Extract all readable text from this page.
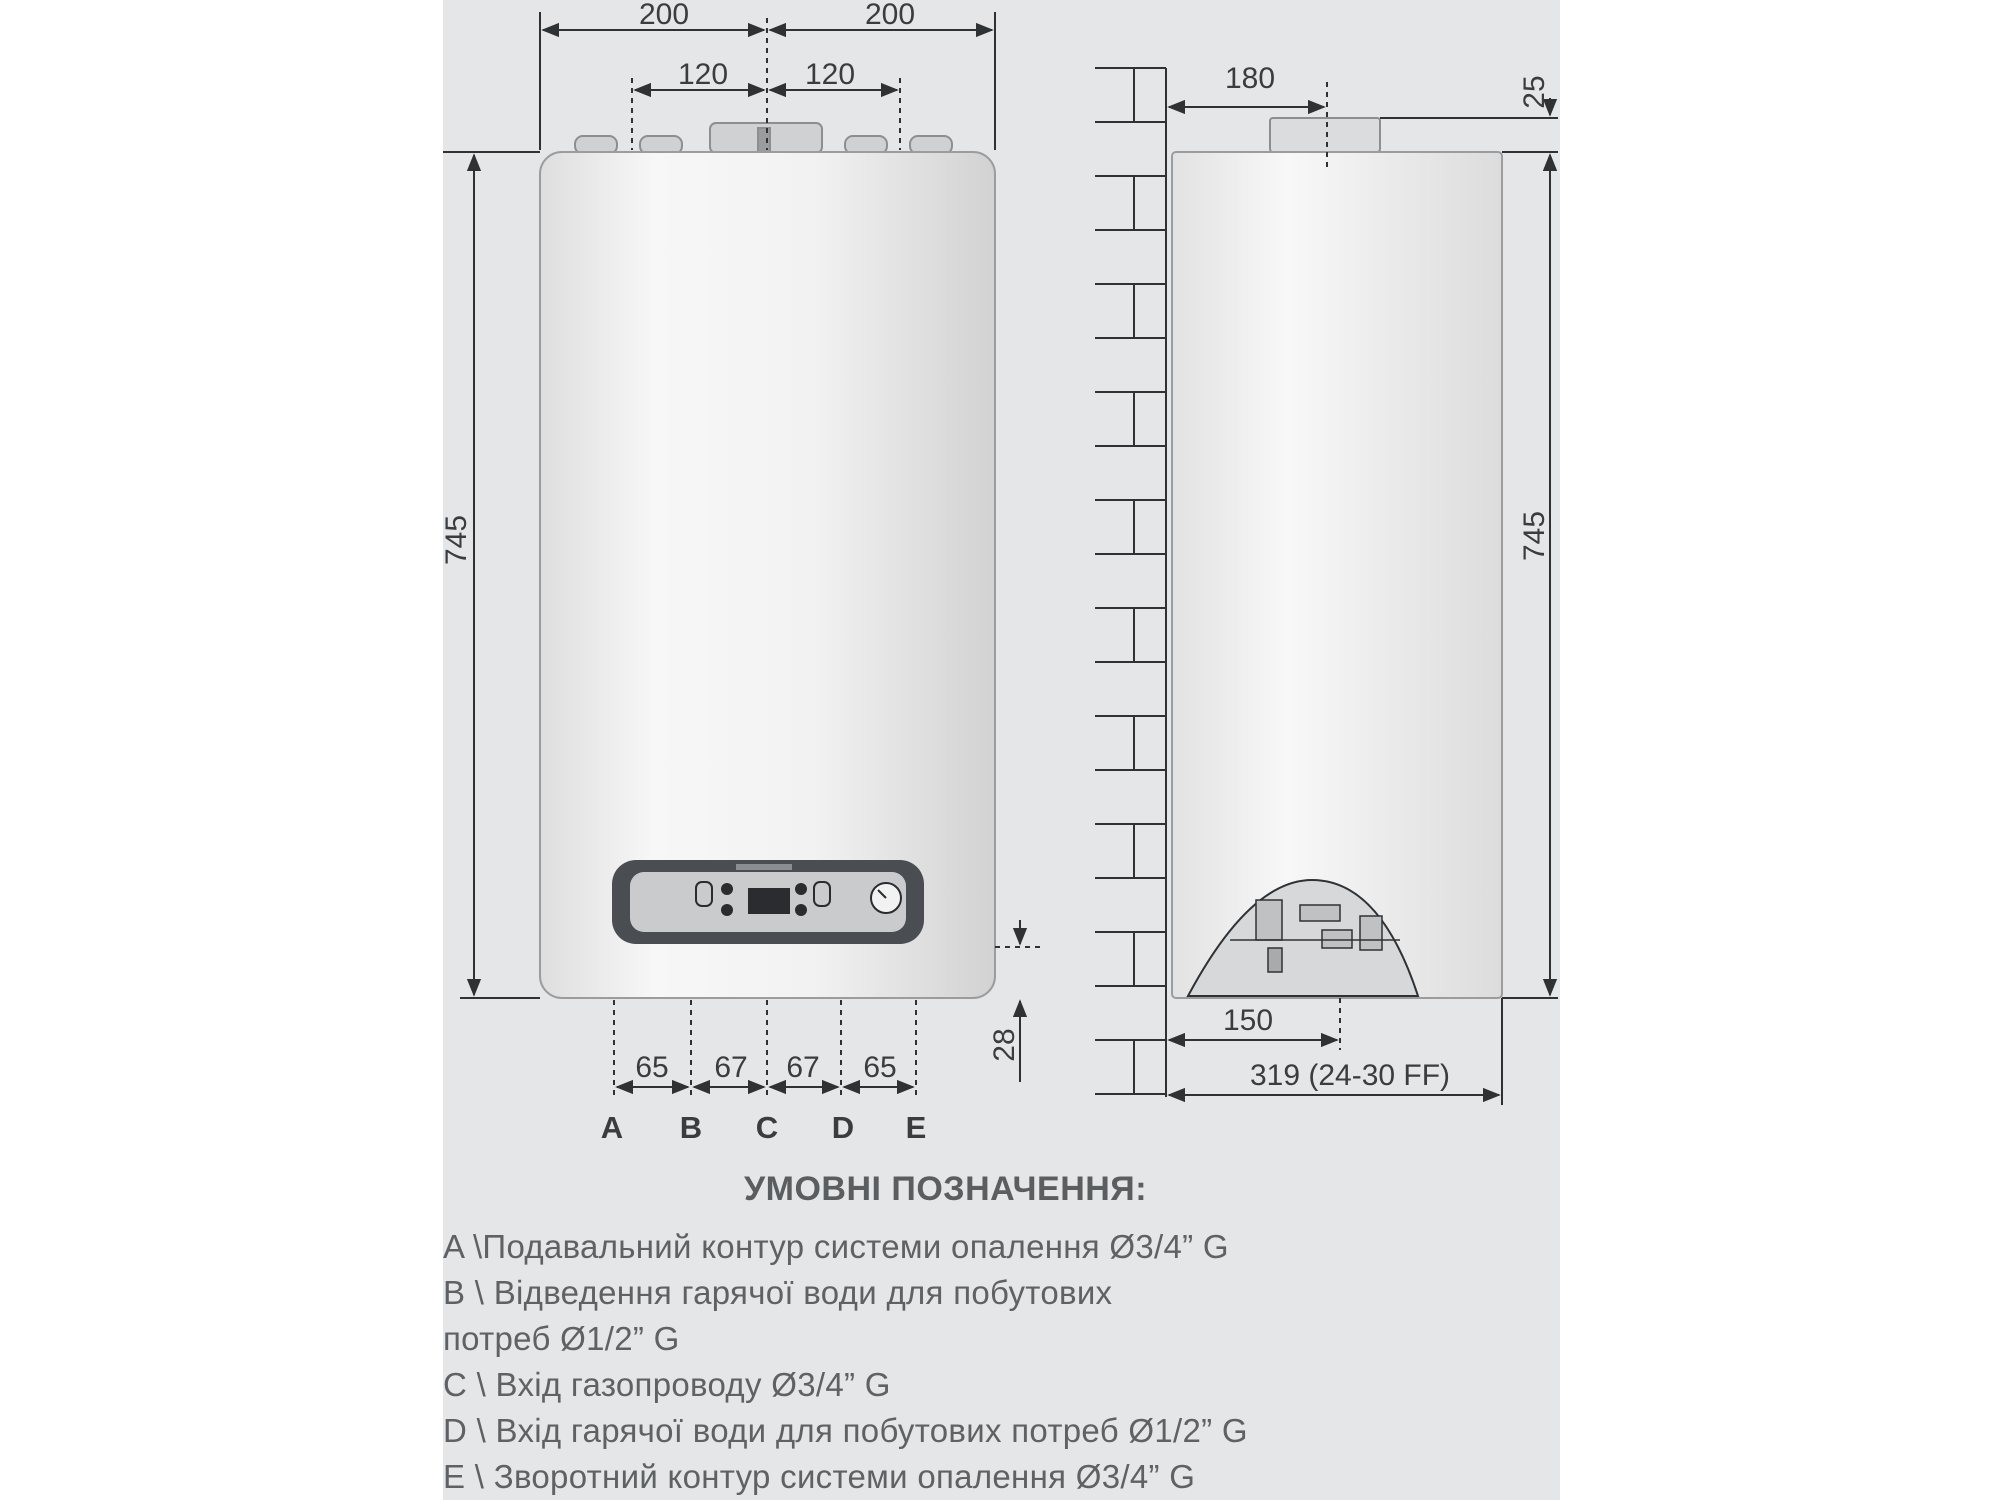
200	200
120	120
745
28
65 67 67 65
A B C D E
180	25
745
150
319 (24-30 FF)
УМОВНІ ПОЗНАЧЕННЯ:
A \Подавальний контур системи опалення Ø3/4” G
B \ Відведення гарячої води для побутових
потреб Ø1/2” G
C \ Вхід газопроводу Ø3/4” G
D \ Вхід гарячої води для побутових потреб Ø1/2” G
E \ Зворотний контур системи опалення Ø3/4” G
